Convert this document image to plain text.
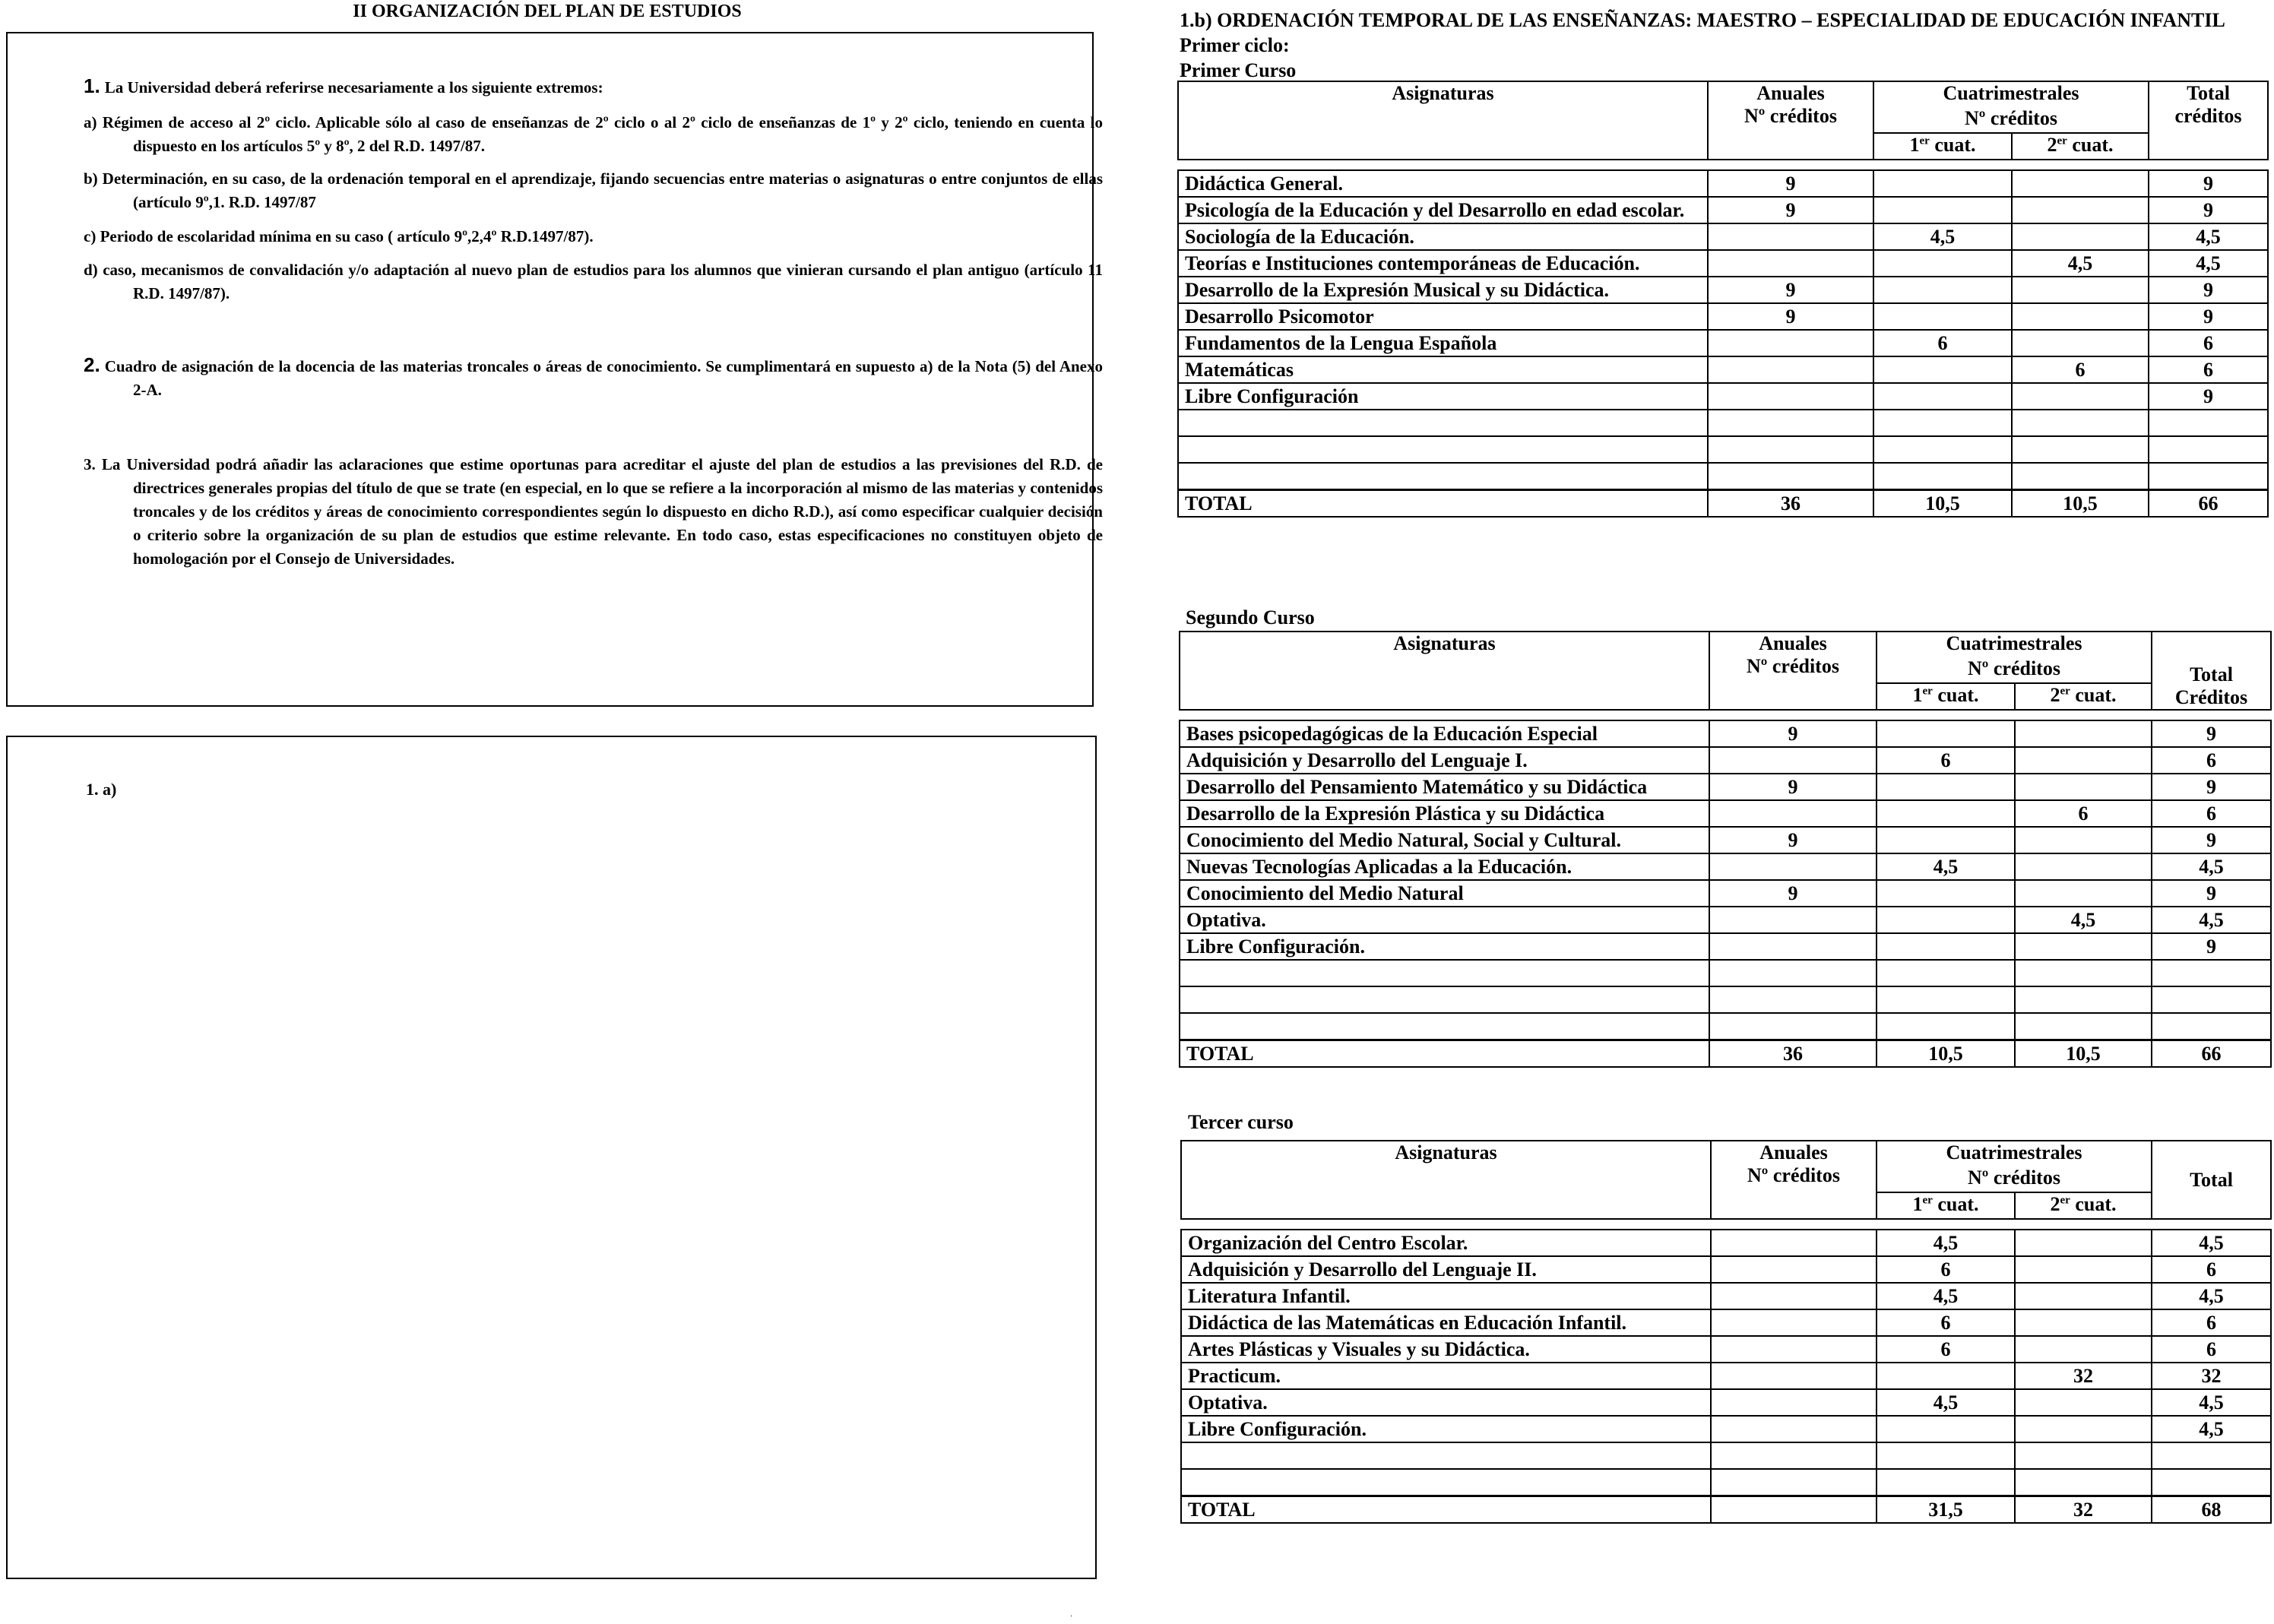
II ORGANIZACIÓN DEL PLAN DE ESTUDIOS
1. La Universidad deberá referirse necesariamente a los siguiente extremos:
a) Régimen de acceso al 2º ciclo. Aplicable sólo al caso de enseñanzas de 2º ciclo o al 2º ciclo de enseñanzas de 1º y 2º ciclo, teniendo en cuenta lo dispuesto en los artículos 5º y 8º, 2 del R.D. 1497/87.
b) Determinación, en su caso, de la ordenación temporal en el aprendizaje, fijando secuencias entre materias o asignaturas o entre conjuntos de ellas (artículo 9º,1. R.D. 1497/87
c) Periodo de escolaridad mínima en su caso ( artículo 9º,2,4º R.D.1497/87).
d) caso, mecanismos de convalidación y/o adaptación al nuevo plan de estudios para los alumnos que vinieran cursando el plan antiguo (artículo 11 R.D. 1497/87).
2. Cuadro de asignación de la docencia de las materias troncales o áreas de conocimiento. Se cumplimentará en supuesto a) de la Nota (5) del Anexo 2-A.
3. La Universidad podrá añadir las aclaraciones que estime oportunas para acreditar el ajuste del plan de estudios a las previsiones del R.D. de directrices generales propias del título de que se trate (en especial, en lo que se refiere a la incorporación al mismo de las materias y contenidos troncales y de los créditos y áreas de conocimiento correspondientes según lo dispuesto en dicho R.D.), así como especificar cualquier decisión o criterio sobre la organización de su plan de estudios que estime relevante. En todo caso, estas especificaciones no constituyen objeto de homologación por el Consejo de Universidades.
1. a)
1.b) ORDENACIÓN TEMPORAL DE LAS ENSEÑANZAS: MAESTRO – ESPECIALIDAD DE EDUCACIÓN INFANTIL
Primer ciclo:
Primer Curso
Asignaturas	Anuales
Nº créditos	Cuatrimestrales		Total
créditos
		Nº créditos		
		1er cuat.	2er cuat.	

Didáctica General.	9			9
Psicología de la Educación y del Desarrollo en edad escolar.	9			9
Sociología de la Educación.		4,5		4,5
Teorías e Instituciones contemporáneas de Educación.			4,5	4,5
Desarrollo de la Expresión Musical y su Didáctica.	9			9
Desarrollo Psicomotor	9			9
Fundamentos de la Lengua Española		6		6
Matemáticas			6	6
Libre Configuración				9

TOTAL	36	10,5	10,5	66
Segundo Curso
Asignaturas	Anuales
Nº créditos	Cuatrimestrales		Total
Créditos
		Nº créditos		
		1er cuat.	2er cuat.	

Bases psicopedagógicas de la Educación Especial	9			9
Adquisición y Desarrollo del Lenguaje I.		6		6
Desarrollo del Pensamiento Matemático y su Didáctica	9			9
Desarrollo de la Expresión Plástica y su Didáctica			6	6
Conocimiento del Medio Natural, Social y Cultural.	9			9
Nuevas Tecnologías Aplicadas a la Educación.		4,5		4,5
Conocimiento del Medio Natural	9			9
Optativa.			4,5	4,5
Libre Configuración.				9

TOTAL	36	10,5	10,5	66
Tercer curso
Asignaturas	Anuales
Nº créditos	Cuatrimestrales		Total
		Nº créditos		
		1er cuat.	2er cuat.	

Organización del Centro Escolar.		4,5		4,5
Adquisición y Desarrollo del Lenguaje II.		6		6
Literatura Infantil.		4,5		4,5
Didáctica de las Matemáticas en Educación Infantil.		6		6
Artes Plásticas y Visuales y su Didáctica.		6		6
Practicum.			32	32
Optativa.		4,5		4,5
Libre Configuración.				4,5

TOTAL		31,5	32	68
·
